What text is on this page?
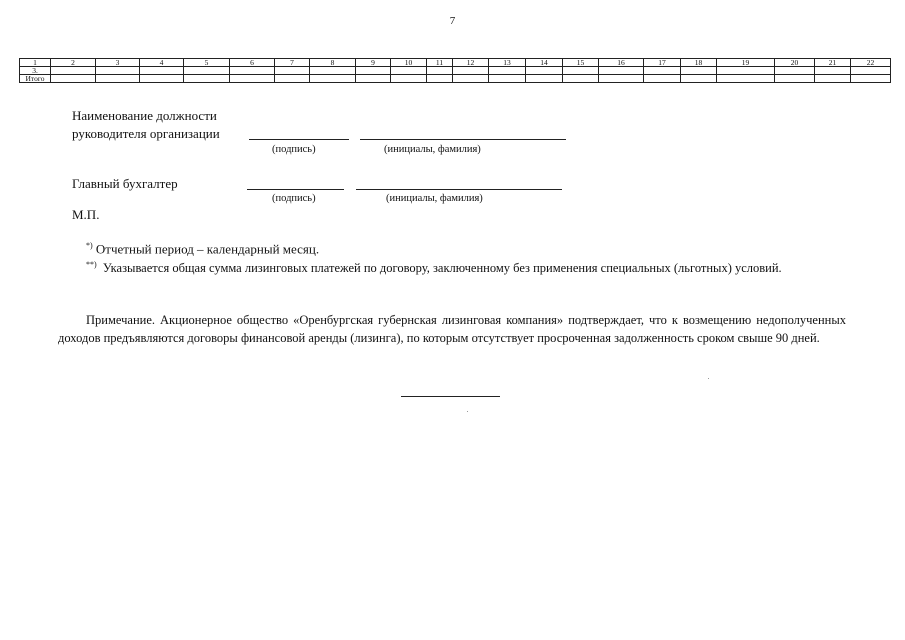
7
1	2	3	4	5	6	7	8	9	10	11	12	13	14	15	16	17	18	19	20	21	22
3.																					
Итого																					
Наименование должности
руководителя организации
(подпись)	(инициалы, фамилия)
Главный бухгалтер
(подпись)	(инициалы, фамилия)
М.П.
*) Отчетный период – календарный месяц.
**) Указывается общая сумма лизинговых платежей по договору, заключенному без применения специальных (льготных) условий.
Примечание. Акционерное общество «Оренбургская губернская лизинговая компания» подтверждает, что к возмещению недополученных доходов предъявляются договоры финансовой аренды (лизинга), по которым отсутствует просроченная задолженность сроком свыше 90 дней.
